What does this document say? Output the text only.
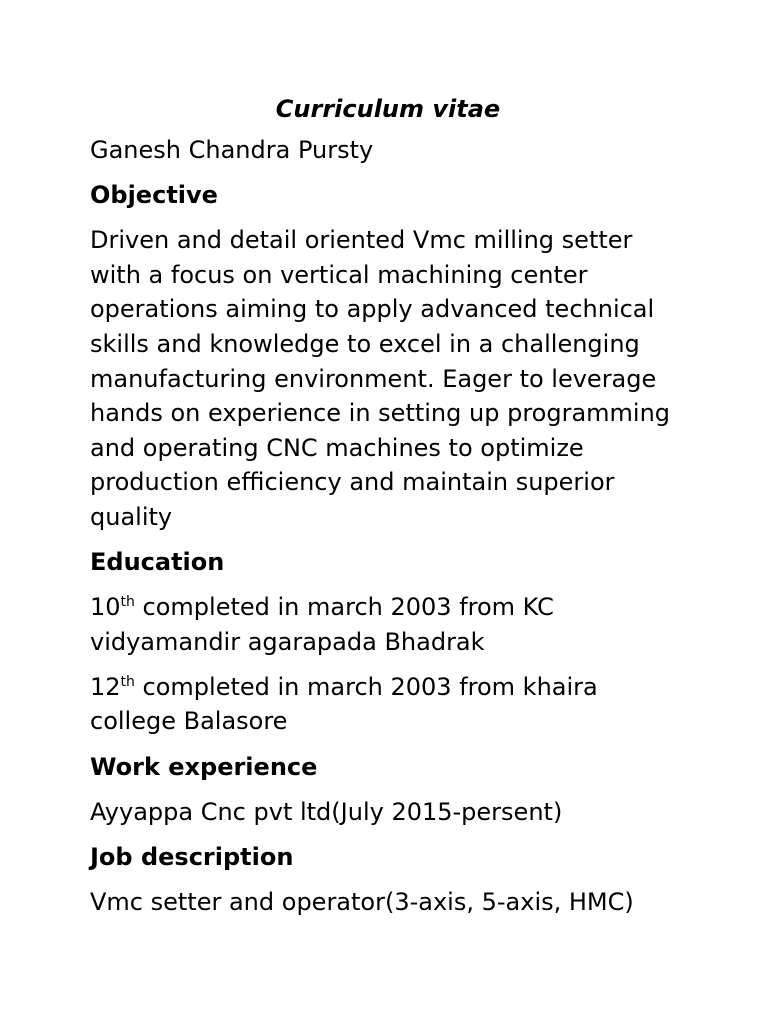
Curriculum vitae
Ganesh Chandra Pursty
Objective
Driven and detail oriented Vmc milling setter with a focus on vertical machining center operations aiming to apply advanced technical skills and knowledge to excel in a challenging manufacturing environment. Eager to leverage hands on experience in setting up programming and operating CNC machines to optimize production efficiency and maintain superior quality
Education
10th completed in march 2003 from KC vidyamandir agarapada Bhadrak
12th completed in march 2003 from khaira college Balasore
Work experience
Ayyappa Cnc pvt ltd(July 2015-persent)
Job description
Vmc setter and operator(3-axis, 5-axis, HMC)
